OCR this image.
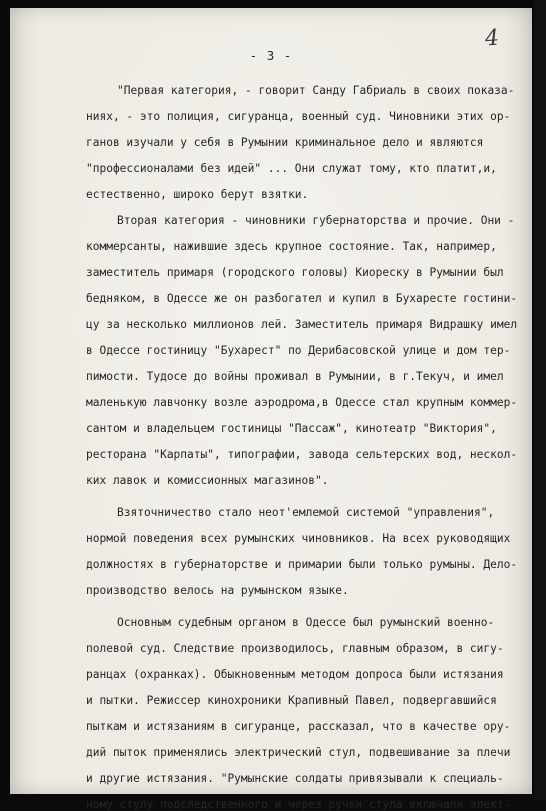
4
- 3 -
"Первая категория, - говорит Санду Габриаль в своих показа-
ниях, - это полиция, сигуранца, военный суд. Чиновники этих ор-
ганов изучали у себя в Румынии криминальное дело и являются
"профессионалами без идей" ... Они служат тому, кто платит,и,
естественно, широко берут взятки.
Вторая категория - чиновники губернаторства и прочие. Они -
коммерсанты, нажившие здесь крупное состояние. Так, например,
заместитель примаря (городского головы) Киореску в Румынии был
бедняком, в Одессе же он разбогател и купил в Бухаресте гостини-
цу за несколько миллионов лей. Заместитель примаря Видрашку имел
в Одессе гостиницу "Бухарест" по Дерибасовской улице и дом тер-
пимости. Тудосе до войны проживал в Румынии, в г.Текуч, и имел
маленькую лавчонку возле аэродрома,в Одессе стал крупным коммер-
сантом и владельцем гостиницы "Пассаж", кинотеатр "Виктория",
ресторана "Карпаты", типографии, завода сельтерских вод, нескол-
ких лавок и комиссионных магазинов".
Взяточничество стало неот'емлемой системой "управления",
нормой поведения всех румынских чиновников. На всех руководящих
должностях в губернаторстве и примарии были только румыны. Дело-
производство велось на румынском языке.
Основным судебным органом в Одессе был румынский военно-
полевой суд. Следствие производилось, главным образом, в сигу-
ранцах (охранках). Обыкновенным методом допроса были истязания
и пытки. Режиссер кинохроники Крапивный Павел, подвергавшийся
пыткам и истязаниям в сигуранце, рассказал, что в качестве ору-
дий пыток применялись электрический стул, подвешивание за плечи
и другие истязания. "Румынские солдаты привязывали к специаль-
ному стулу подследственного и через ручки стула включали элект-
